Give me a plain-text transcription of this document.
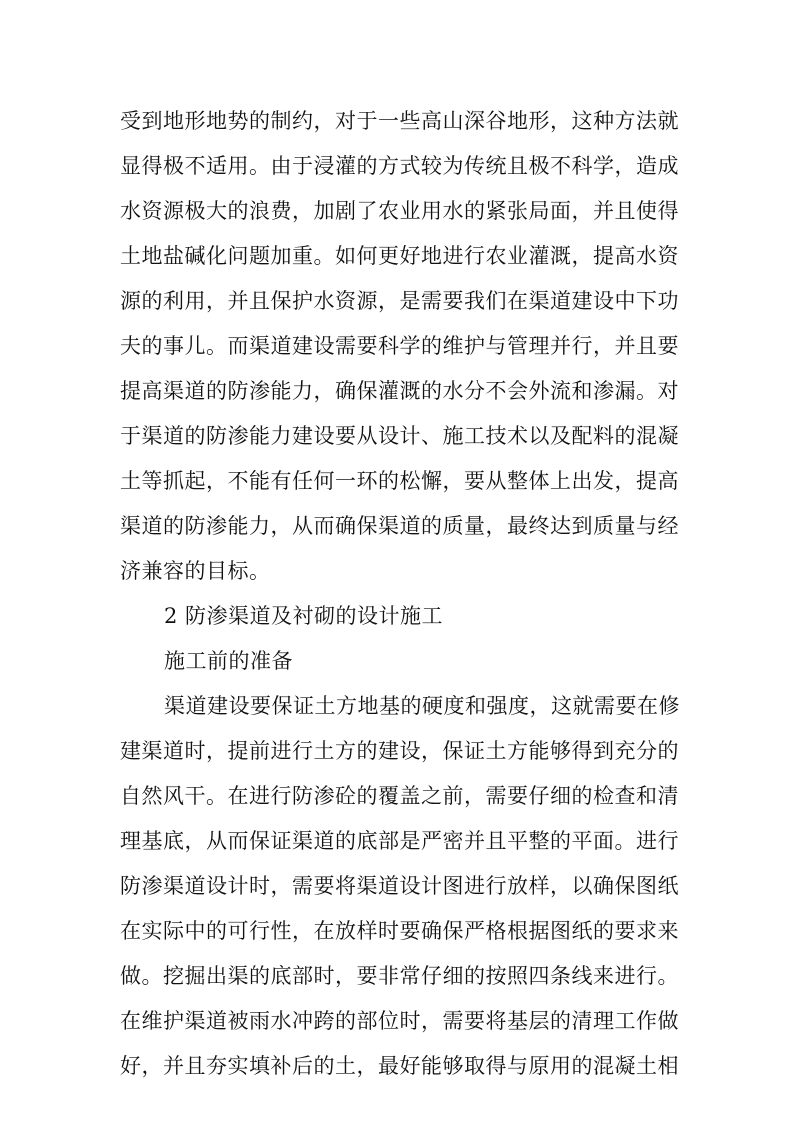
受到地形地势的制约，对于一些高山深谷地形，这种方法就
显得极不适用。由于浸灌的方式较为传统且极不科学，造成
水资源极大的浪费，加剧了农业用水的紧张局面，并且使得
土地盐碱化问题加重。如何更好地进行农业灌溉，提高水资
源的利用，并且保护水资源，是需要我们在渠道建设中下功
夫的事儿。而渠道建设需要科学的维护与管理并行，并且要
提高渠道的防渗能力，确保灌溉的水分不会外流和渗漏。对
于渠道的防渗能力建设要从设计、施工技术以及配料的混凝
土等抓起，不能有任何一环的松懈，要从整体上出发，提高
渠道的防渗能力，从而确保渠道的质量，最终达到质量与经
济兼容的目标。
2 防渗渠道及衬砌的设计施工
施工前的准备
渠道建设要保证土方地基的硬度和强度，这就需要在修
建渠道时，提前进行土方的建设，保证土方能够得到充分的
自然风干。在进行防渗砼的覆盖之前，需要仔细的检查和清
理基底，从而保证渠道的底部是严密并且平整的平面。进行
防渗渠道设计时，需要将渠道设计图进行放样，以确保图纸
在实际中的可行性，在放样时要确保严格根据图纸的要求来
做。挖掘出渠的底部时，要非常仔细的按照四条线来进行。
在维护渠道被雨水冲跨的部位时，需要将基层的清理工作做
好，并且夯实填补后的土，最好能够取得与原用的混凝土相
